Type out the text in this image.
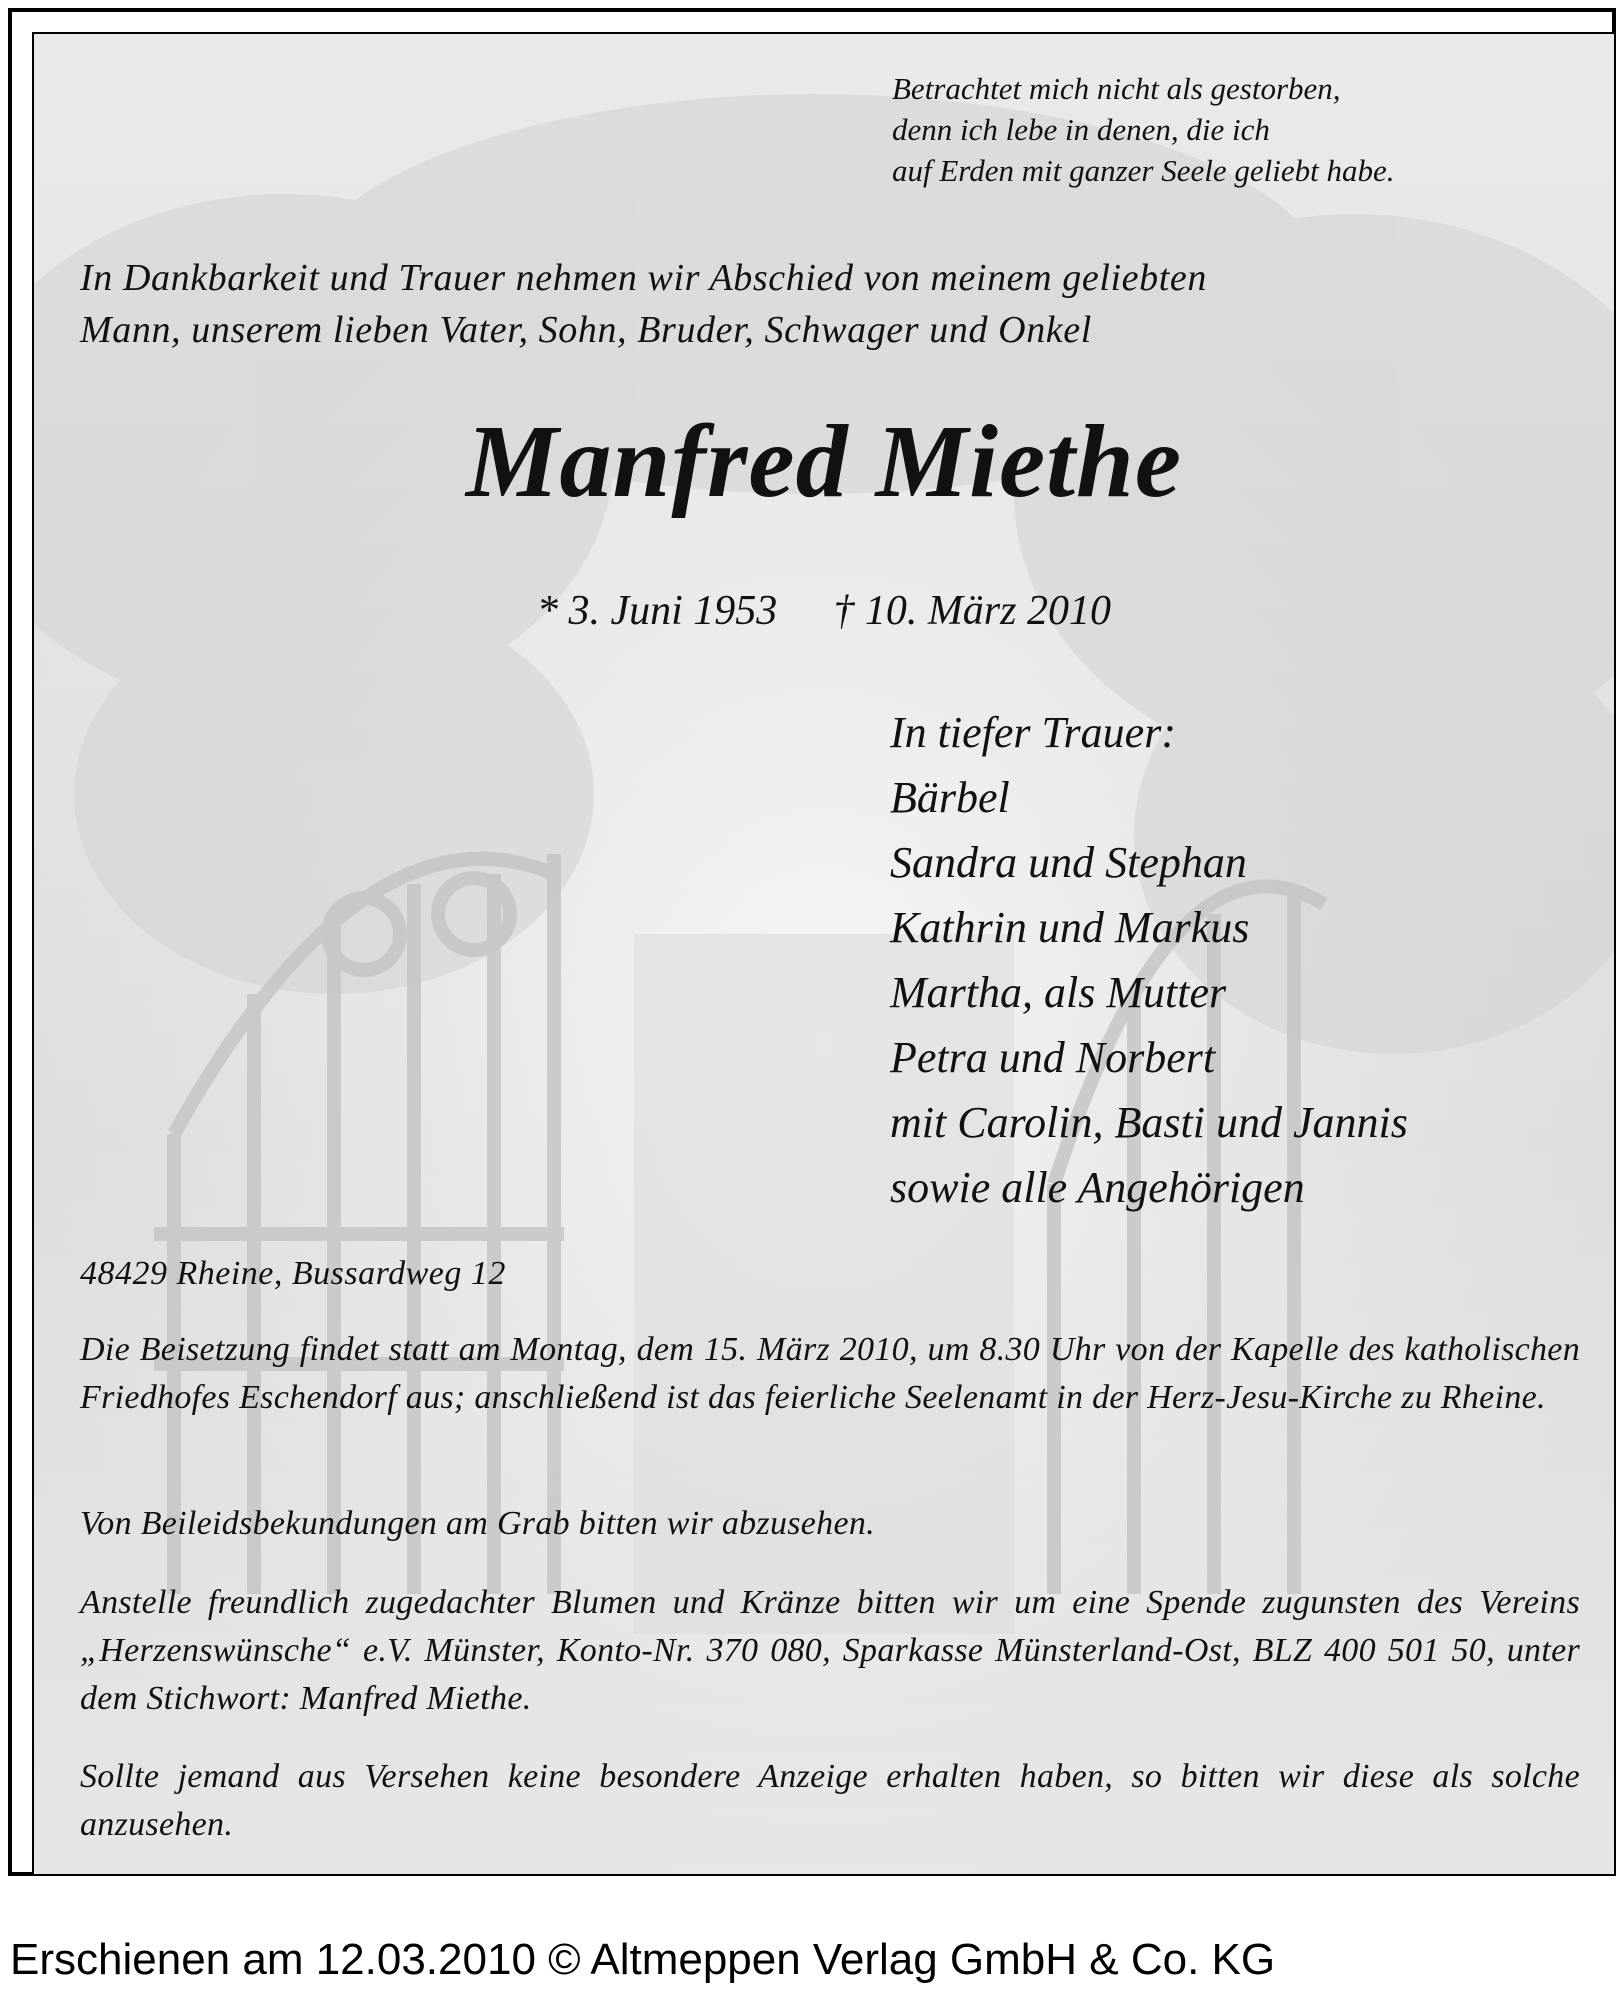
Betrachtet mich nicht als gestorben,
denn ich lebe in denen, die ich
auf Erden mit ganzer Seele geliebt habe.

In Dankbarkeit und Trauer nehmen wir Abschied von meinem geliebten
Mann, unserem lieben Vater, Sohn, Bruder, Schwager und Onkel

Manfred Miethe

* 3. Juni 1953 † 10. März 2010

In tiefer Trauer:
Bärbel
Sandra und Stephan
Kathrin und Markus
Martha, als Mutter
Petra und Norbert
mit Carolin, Basti und Jannis
sowie alle Angehörigen

48429 Rheine, Bussardweg 12

Die Beisetzung findet statt am Montag, dem 15. März 2010, um 8.30 Uhr von der Kapelle des katholischen Friedhofes Eschendorf aus; anschließend ist das feierliche Seelenamt in der Herz-Jesu-Kirche zu Rheine.

Von Beileidsbekundungen am Grab bitten wir abzusehen.

Anstelle freundlich zugedachter Blumen und Kränze bitten wir um eine Spende zugunsten des Vereins „Herzenswünsche“ e.V. Münster, Konto-Nr. 370 080, Sparkasse Münsterland-Ost, BLZ 400 501 50, unter dem Stichwort: Manfred Miethe.

Sollte jemand aus Versehen keine besondere Anzeige erhalten haben, so bitten wir diese als solche anzusehen.

Erschienen am 12.03.2010 © Altmeppen Verlag GmbH & Co. KG
